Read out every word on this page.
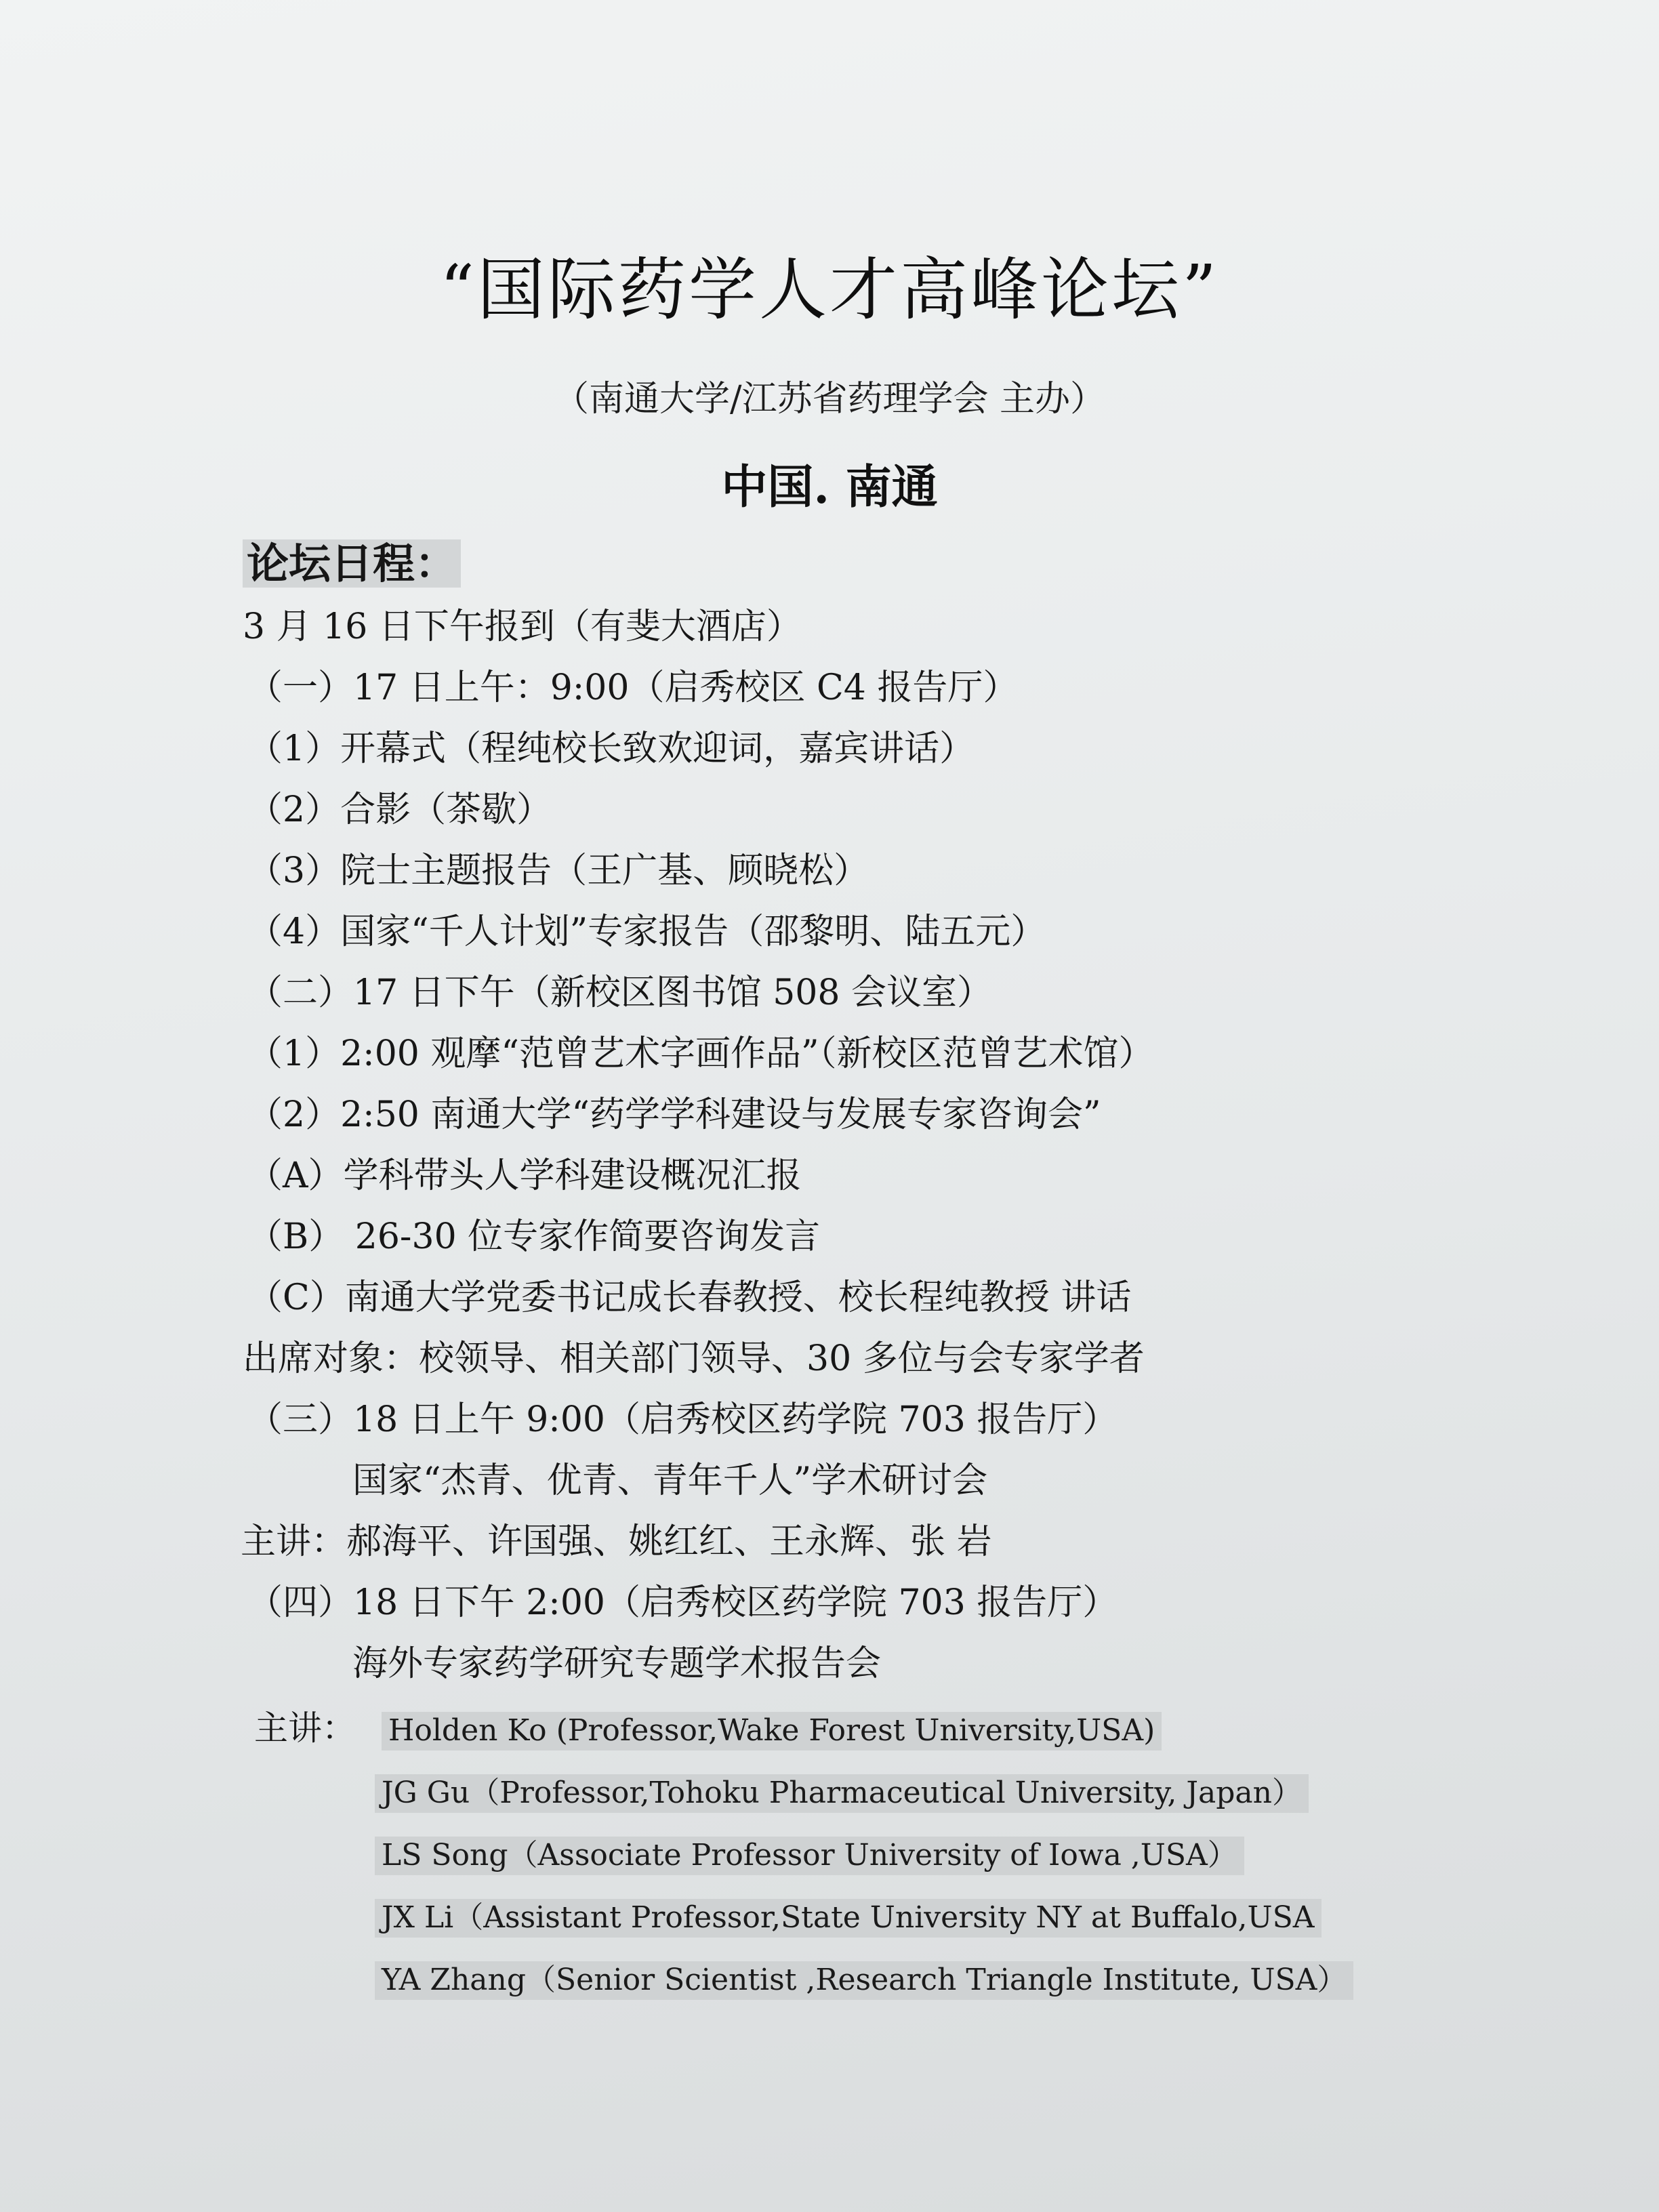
“国际药学人才高峰论坛”
（南通大学/江苏省药理学会 主办）
中国. 南通
论坛日程：
3 月 16 日下午报到（有斐大酒店）
（一）17 日上午：9:00（启秀校区 C4 报告厅）
（1）开幕式（程纯校长致欢迎词，嘉宾讲话）
（2）合影（茶歇）
（3）院士主题报告（王广基、顾晓松）
（4）国家“千人计划”专家报告（邵黎明、陆五元）
（二）17 日下午（新校区图书馆 508 会议室）
（1）2:00 观摩“范曾艺术字画作品”（新校区范曾艺术馆）
（2）2:50 南通大学“药学学科建设与发展专家咨询会”
（A）学科带头人学科建设概况汇报
（B） 26-30 位专家作简要咨询发言
（C）南通大学党委书记成长春教授、校长程纯教授 讲话
出席对象：校领导、相关部门领导、30 多位与会专家学者
（三）18 日上午 9:00（启秀校区药学院 703 报告厅）
国家“杰青、优青、青年千人”学术研讨会
主讲：郝海平、许国强、姚红红、王永辉、张 岩
（四）18 日下午 2:00（启秀校区药学院 703 报告厅）
海外专家药学研究专题学术报告会
主讲： Holden Ko (Professor,Wake Forest University,USA)
JG Gu（Professor,Tohoku Pharmaceutical University, Japan）
LS Song（Associate Professor University of Iowa ,USA）
JX Li（Assistant Professor,State University NY at Buffalo,USA
YA Zhang（Senior Scientist ,Research Triangle Institute, USA）
